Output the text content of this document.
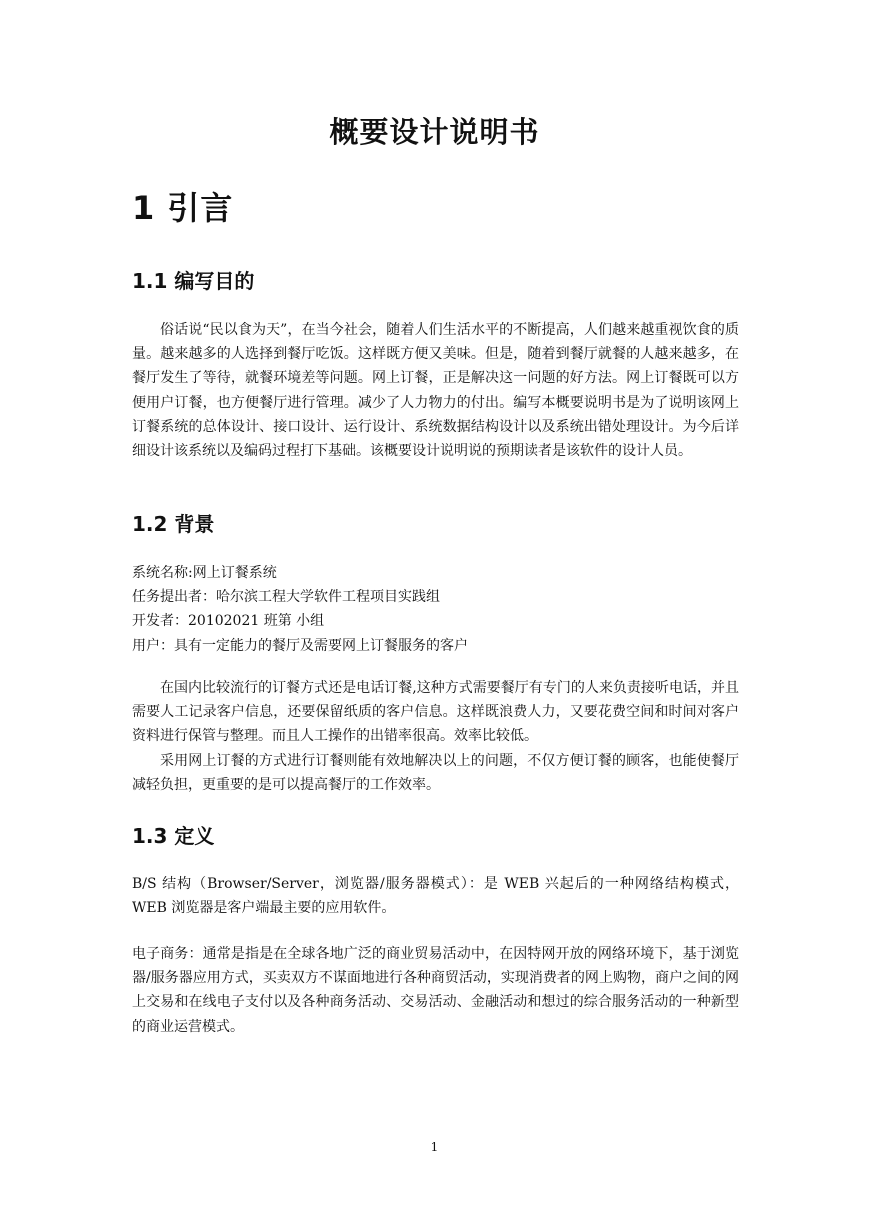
概要设计说明书
1 引言
1.1 编写目的

俗话说“民以食为天”，在当今社会，随着人们生活水平的不断提高，人们越来越重视饮食的质量。越来越多的人选择到餐厅吃饭。这样既方便又美味。但是，随着到餐厅就餐的人越来越多，在餐厅发生了等待，就餐环境差等问题。网上订餐，正是解决这一问题的好方法。网上订餐既可以方便用户订餐，也方便餐厅进行管理。减少了人力物力的付出。编写本概要说明书是为了说明该网上订餐系统的总体设计、接口设计、运行设计、系统数据结构设计以及系统出错处理设计。为今后详细设计该系统以及编码过程打下基础。该概要设计说明说的预期读者是该软件的设计人员。

1.2 背景
系统名称:网上订餐系统
任务提出者：哈尔滨工程大学软件工程项目实践组
开发者：20102021 班第 小组
用户：具有一定能力的餐厅及需要网上订餐服务的客户

在国内比较流行的订餐方式还是电话订餐,这种方式需要餐厅有专门的人来负责接听电话，并且需要人工记录客户信息，还要保留纸质的客户信息。这样既浪费人力，又要花费空间和时间对客户资料进行保管与整理。而且人工操作的出错率很高。效率比较低。

采用网上订餐的方式进行订餐则能有效地解决以上的问题，不仅方便订餐的顾客，也能使餐厅减轻负担，更重要的是可以提高餐厅的工作效率。

1.3 定义

B/S 结构（Browser/Server，浏览器/服务器模式）：是 WEB 兴起后的一种网络结构模式，WEB 浏览器是客户端最主要的应用软件。

电子商务：通常是指是在全球各地广泛的商业贸易活动中，在因特网开放的网络环境下，基于浏览器/服务器应用方式，买卖双方不谋面地进行各种商贸活动，实现消费者的网上购物，商户之间的网上交易和在线电子支付以及各种商务活动、交易活动、金融活动和想过的综合服务活动的一种新型的商业运营模式。

1
